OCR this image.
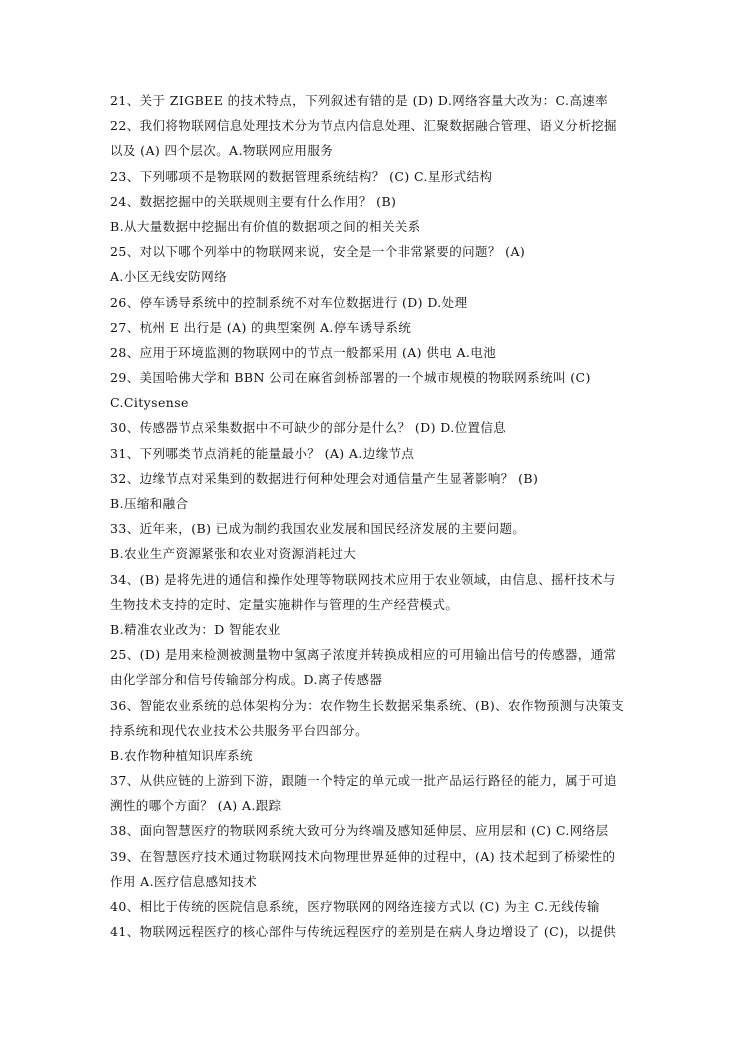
21、关于 ZIGBEE 的技术特点，下列叙述有错的是 (D) D.网络容量大改为：C.高速率
22、我们将物联网信息处理技术分为节点内信息处理、汇聚数据融合管理、语义分析挖掘
以及 (A) 四个层次。A.物联网应用服务
23、下列哪项不是物联网的数据管理系统结构？ (C) C.星形式结构
24、数据挖掘中的关联规则主要有什么作用？ (B)
B.从大量数据中挖掘出有价值的数据项之间的相关关系
25、对以下哪个列举中的物联网来说，安全是一个非常紧要的问题？ (A)
A.小区无线安防网络
26、停车诱导系统中的控制系统不对车位数据进行 (D) D.处理
27、杭州 E 出行是 (A) 的典型案例 A.停车诱导系统
28、应用于环境监测的物联网中的节点一般都采用 (A) 供电 A.电池
29、美国哈佛大学和 BBN 公司在麻省剑桥部署的一个城市规模的物联网系统叫 (C)
C.Citysense
30、传感器节点采集数据中不可缺少的部分是什么？ (D) D.位置信息
31、下列哪类节点消耗的能量最小？ (A) A.边缘节点
32、边缘节点对采集到的数据进行何种处理会对通信量产生显著影响？ (B)
B.压缩和融合
33、近年来，(B) 已成为制约我国农业发展和国民经济发展的主要问题。
B.农业生产资源紧张和农业对资源消耗过大
34、(B) 是将先进的通信和操作处理等物联网技术应用于农业领域，由信息、摇杆技术与
生物技术支持的定时、定量实施耕作与管理的生产经营模式。
B.精准农业改为：D 智能农业
25、(D) 是用来检测被测量物中氢离子浓度并转换成相应的可用输出信号的传感器，通常
由化学部分和信号传输部分构成。D.离子传感器
36、智能农业系统的总体架构分为：农作物生长数据采集系统、(B)、农作物预测与决策支
持系统和现代农业技术公共服务平台四部分。
B.农作物种植知识库系统
37、从供应链的上游到下游，跟随一个特定的单元或一批产品运行路径的能力，属于可追
溯性的哪个方面？ (A) A.跟踪
38、面向智慧医疗的物联网系统大致可分为终端及感知延伸层、应用层和 (C) C.网络层
39、在智慧医疗技术通过物联网技术向物理世界延伸的过程中，(A) 技术起到了桥梁性的
作用 A.医疗信息感知技术
40、相比于传统的医院信息系统，医疗物联网的网络连接方式以 (C) 为主 C.无线传输
41、物联网远程医疗的核心部件与传统远程医疗的差别是在病人身边增设了 (C)，以提供
